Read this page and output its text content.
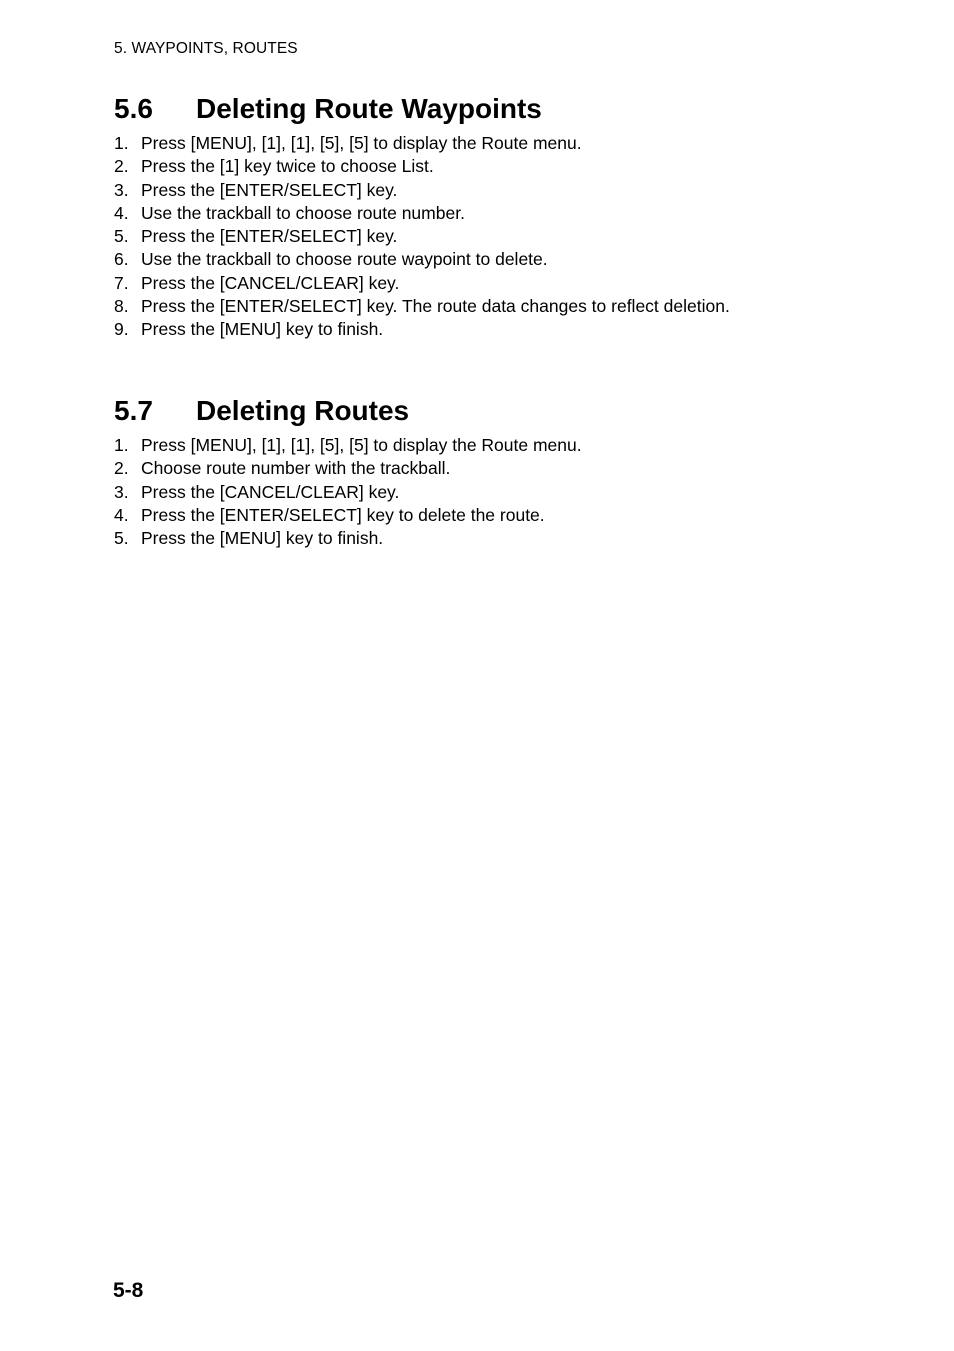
5. WAYPOINTS, ROUTES
5.6 Deleting Route Waypoints
1. Press [MENU], [1], [1], [5], [5] to display the Route menu.
2. Press the [1] key twice to choose List.
3. Press the [ENTER/SELECT] key.
4. Use the trackball to choose route number.
5. Press the [ENTER/SELECT] key.
6. Use the trackball to choose route waypoint to delete.
7. Press the [CANCEL/CLEAR] key.
8. Press the [ENTER/SELECT] key. The route data changes to reflect deletion.
9. Press the [MENU] key to finish.
5.7 Deleting Routes
1. Press [MENU], [1], [1], [5], [5] to display the Route menu.
2. Choose route number with the trackball.
3. Press the [CANCEL/CLEAR] key.
4. Press the [ENTER/SELECT] key to delete the route.
5. Press the [MENU] key to finish.
5-8
